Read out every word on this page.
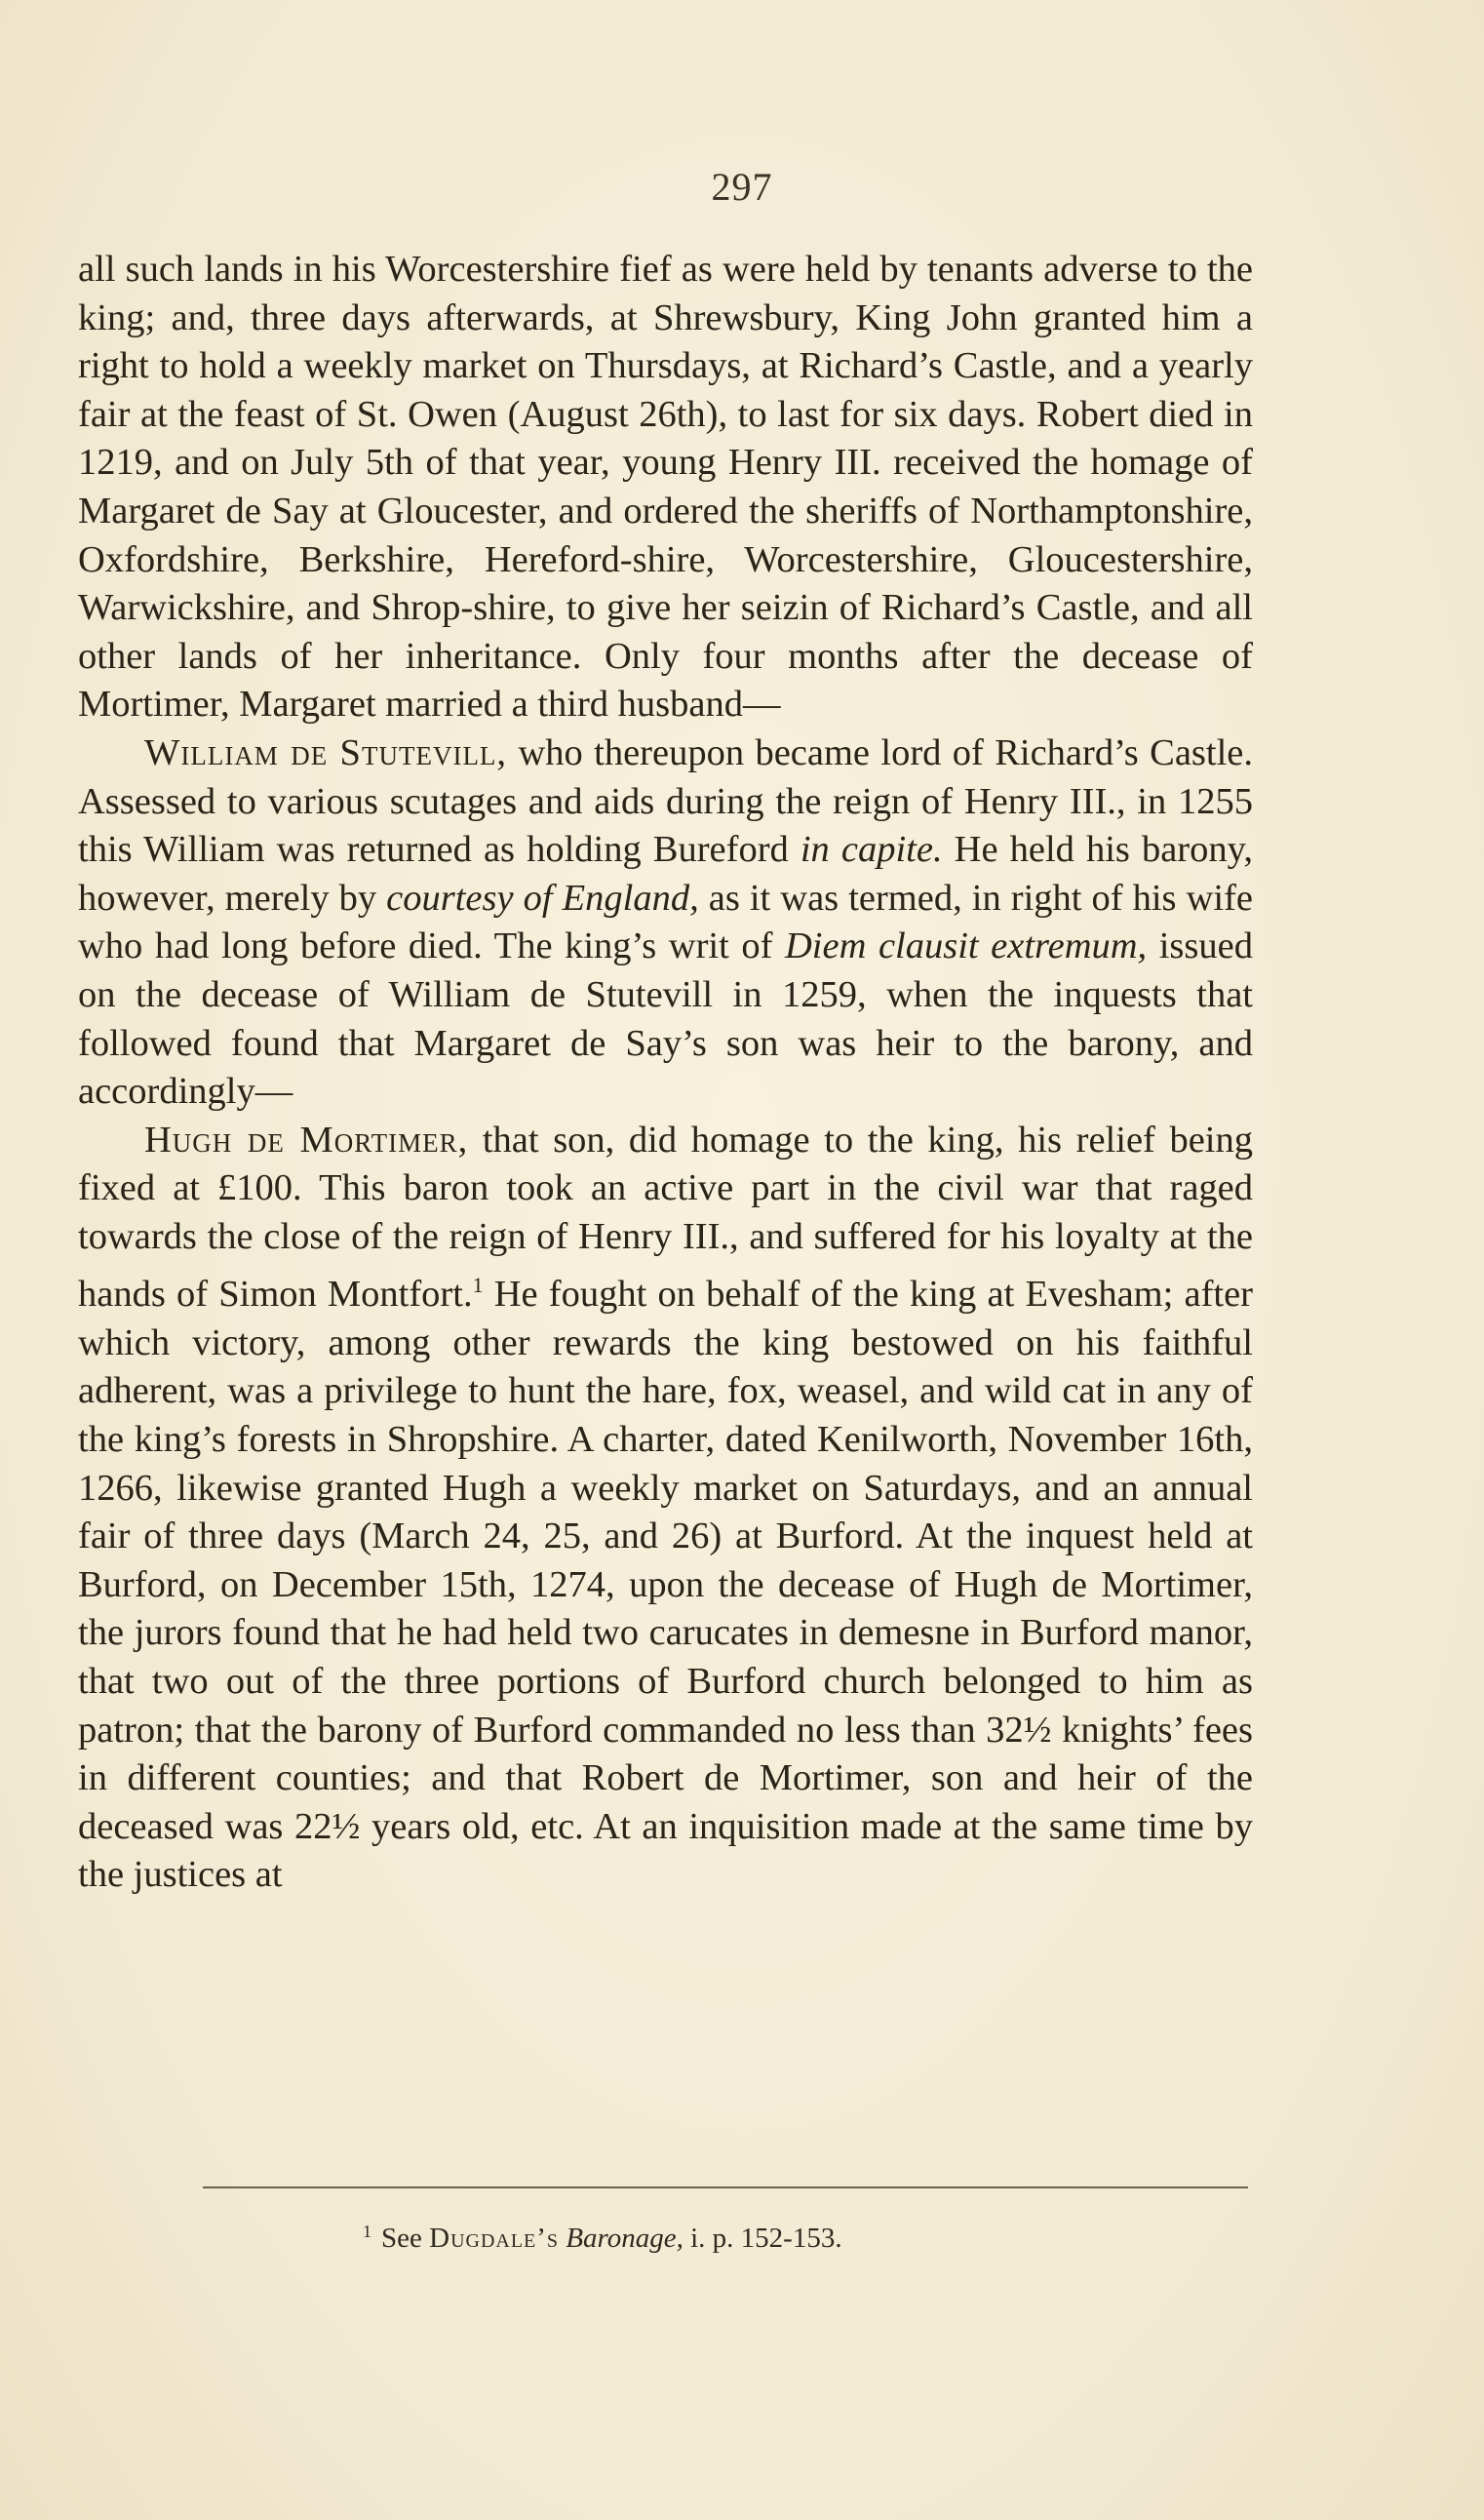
297

all such lands in his Worcestershire fief as were held by tenants adverse to the king; and, three days afterwards, at Shrewsbury, King John granted him a right to hold a weekly market on Thursdays, at Richard’s Castle, and a yearly fair at the feast of St. Owen (August 26th), to last for six days. Robert died in 1219, and on July 5th of that year, young Henry III. received the homage of Margaret de Say at Gloucester, and ordered the sheriffs of Northamptonshire, Oxfordshire, Berkshire, Hereford-shire, Worcestershire, Gloucestershire, Warwickshire, and Shrop-shire, to give her seizin of Richard’s Castle, and all other lands of her inheritance. Only four months after the decease of Mortimer, Margaret married a third husband—

William de Stutevill, who thereupon became lord of Richard’s Castle. Assessed to various scutages and aids during the reign of Henry III., in 1255 this William was returned as holding Bureford in capite. He held his barony, however, merely by courtesy of England, as it was termed, in right of his wife who had long before died. The king’s writ of Diem clausit extremum, issued on the decease of William de Stutevill in 1259, when the inquests that followed found that Margaret de Say’s son was heir to the barony, and accordingly—

Hugh de Mortimer, that son, did homage to the king, his relief being fixed at £100. This baron took an active part in the civil war that raged towards the close of the reign of Henry III., and suffered for his loyalty at the hands of Simon Montfort.$^1$ He fought on behalf of the king at Evesham; after which victory, among other rewards the king bestowed on his faithful adherent, was a privilege to hunt the hare, fox, weasel, and wild cat in any of the king’s forests in Shropshire. A charter, dated Kenilworth, November 16th, 1266, likewise granted Hugh a weekly market on Saturdays, and an annual fair of three days (March 24, 25, and 26) at Burford. At the inquest held at Burford, on December 15th, 1274, upon the decease of Hugh de Mortimer, the jurors found that he had held two carucates in demesne in Burford manor, that two out of the three portions of Burford church belonged to him as patron; that the barony of Burford commanded no less than 32½ knights’ fees in different counties; and that Robert de Mortimer, son and heir of the deceased was 22½ years old, etc. At an inquisition made at the same time by the justices at

$^1$ See Dugdale’s Baronage, i. p. 152-153.
